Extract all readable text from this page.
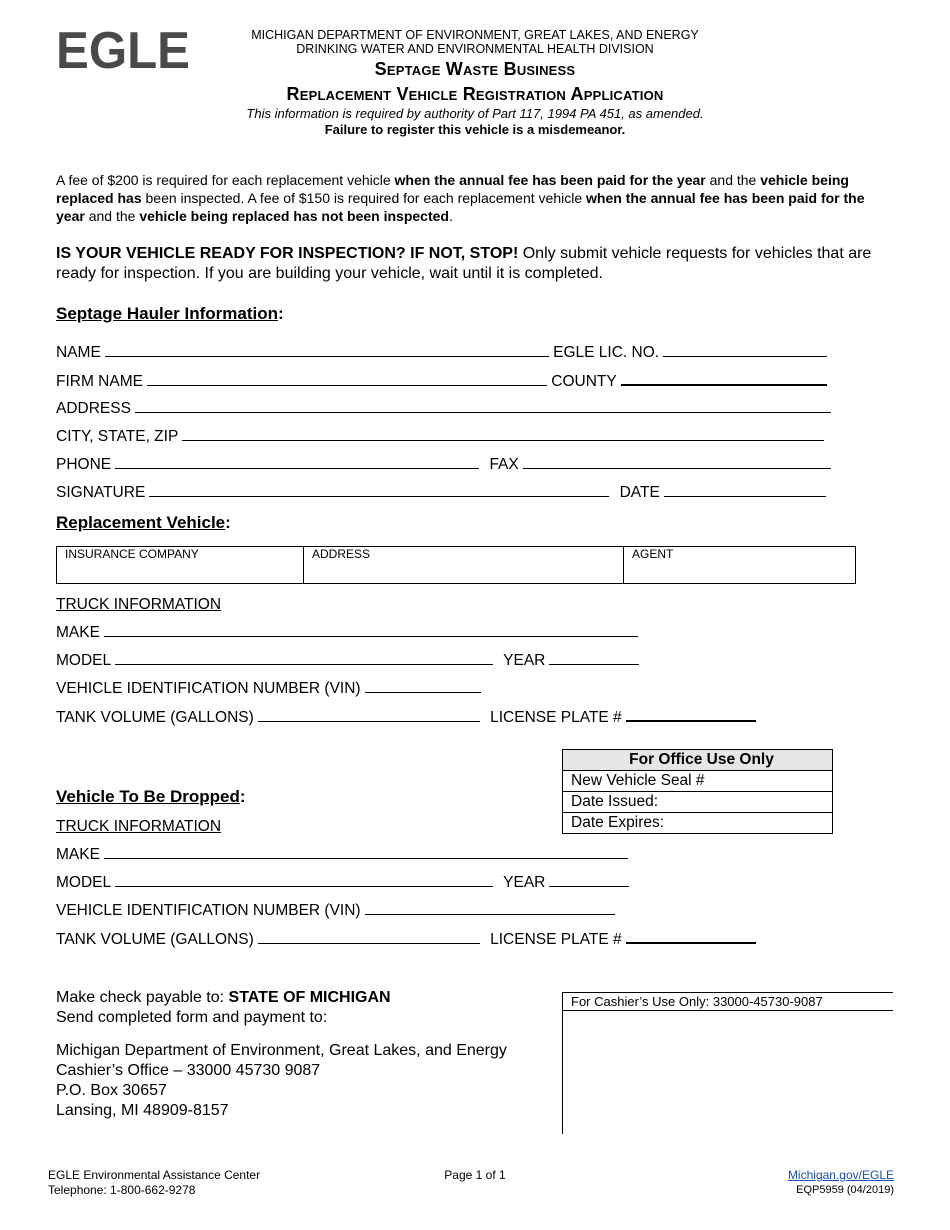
EGLE	MICHIGAN DEPARTMENT OF ENVIRONMENT, GREAT LAKES, AND ENERGY
DRINKING WATER AND ENVIRONMENTAL HEALTH DIVISION
Septage Waste Business
Replacement Vehicle Registration Application
This information is required by authority of Part 117, 1994 PA 451, as amended.
Failure to register this vehicle is a misdemeanor.
A fee of $200 is required for each replacement vehicle when the annual fee has been paid for the year and the vehicle being replaced has been inspected. A fee of $150 is required for each replacement vehicle when the annual fee has been paid for the year and the vehicle being replaced has not been inspected.
IS YOUR VEHICLE READY FOR INSPECTION? IF NOT, STOP! Only submit vehicle requests for vehicles that are ready for inspection. If you are building your vehicle, wait until it is completed.
Septage Hauler Information:
NAME	EGLE LIC. NO.
FIRM NAME	COUNTY
ADDRESS
CITY, STATE, ZIP
PHONE	FAX
SIGNATURE	DATE
Replacement Vehicle:
INSURANCE COMPANY	ADDRESS	AGENT
TRUCK INFORMATION
MAKE
MODEL	YEAR
VEHICLE IDENTIFICATION NUMBER (VIN)
TANK VOLUME (GALLONS)	LICENSE PLATE #
For Office Use Only
New Vehicle Seal #
Date Issued:
Date Expires:
Vehicle To Be Dropped:
TRUCK INFORMATION
MAKE
MODEL	YEAR
VEHICLE IDENTIFICATION NUMBER (VIN)
TANK VOLUME (GALLONS)	LICENSE PLATE #
Make check payable to: STATE OF MICHIGAN
Send completed form and payment to:
Michigan Department of Environment, Great Lakes, and Energy
Cashier’s Office – 33000 45730 9087
P.O. Box 30657
Lansing, MI 48909-8157
For Cashier’s Use Only: 33000-45730-9087
EGLE Environmental Assistance Center
Telephone: 1-800-662-9278
Page 1 of 1	Michigan.gov/EGLE
EQP5959 (04/2019)
